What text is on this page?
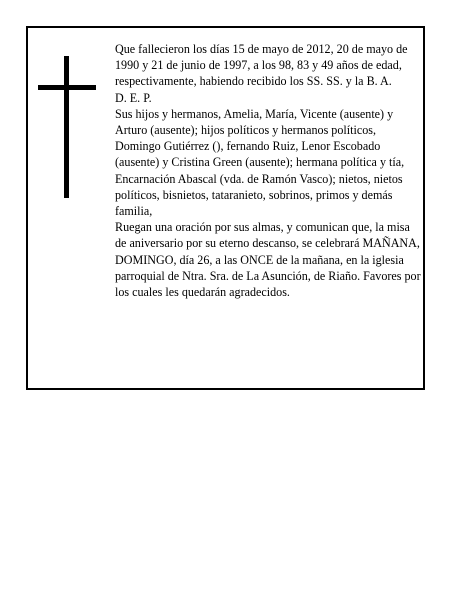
Que fallecieron los días 15 de mayo de 2012, 20 de mayo de 1990 y 21 de junio de 1997, a los 98, 83 y 49 años de edad, respectivamente, habiendo recibido los SS. SS. y la B. A.

D. E. P.

Sus hijos y hermanos, Amelia, María, Vicente (ausente) y Arturo (ausente); hijos políticos y hermanos políticos, Domingo Gutiérrez (), fernando Ruiz, Lenor Escobado (ausente) y Cristina Green (ausente); hermana política y tía, Encarnación Abascal (vda. de Ramón Vasco); nietos, nietos políticos, bisnietos, tataranieto, sobrinos, primos y demás familia,

Ruegan una oración por sus almas, y comunican que, la misa de aniversario por su eterno descanso, se celebrará MAÑANA, DOMINGO, día 26, a las ONCE de la mañana, en la iglesia parroquial de Ntra. Sra. de La Asunción, de Riaño. Favores por los cuales les quedarán agradecidos.
